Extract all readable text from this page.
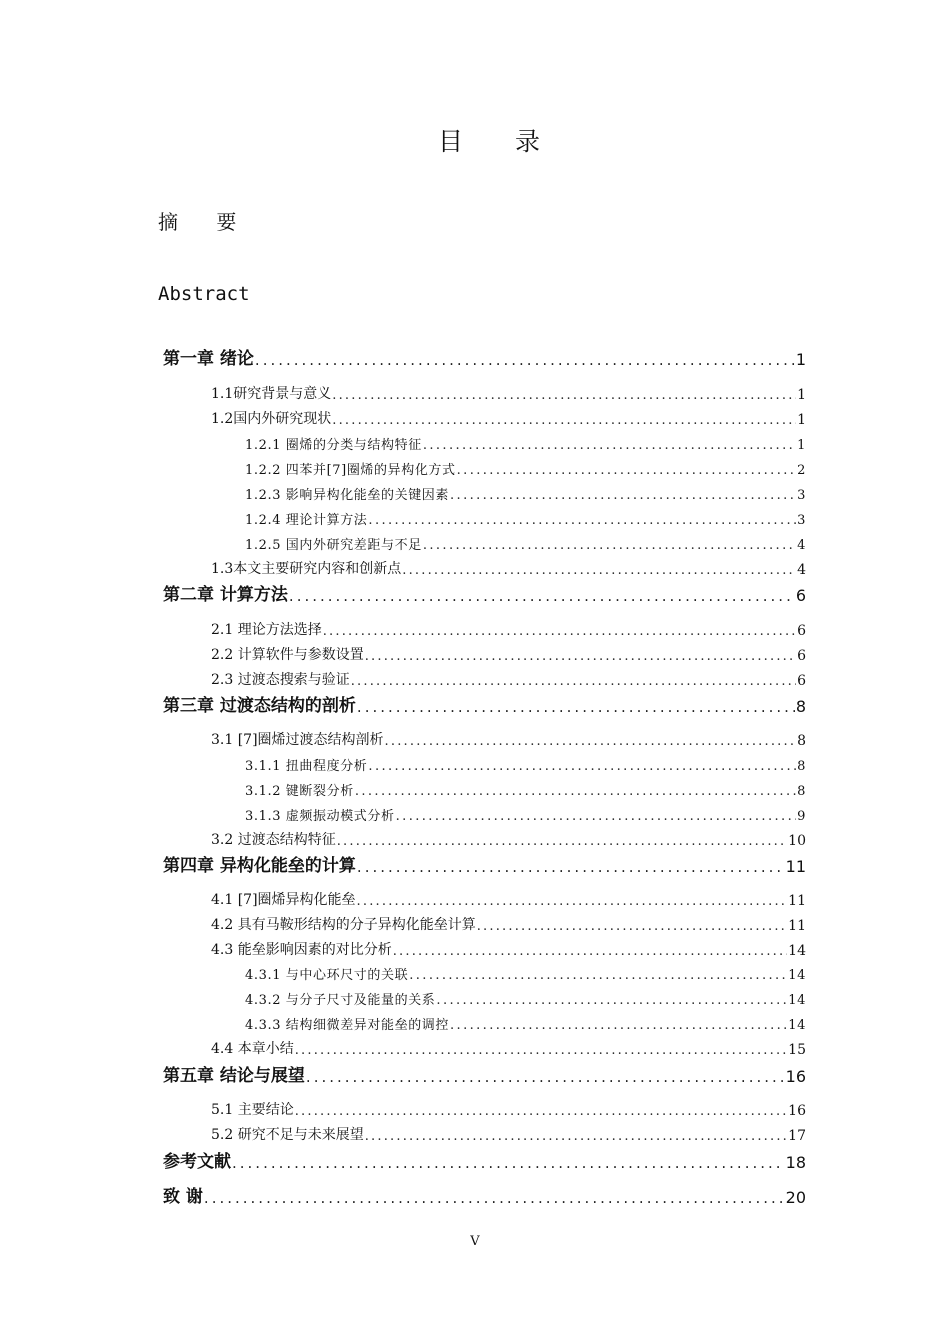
目 录
摘 要
Abstract
第一章 绪论 .....	1
1.1研究背景与意义 .....	1
1.2国内外研究现状 .....	1
1.2.1 圈烯的分类与结构特征 .....	1
1.2.2 四苯并[7]圈烯的异构化方式 .....	2
1.2.3 影响异构化能垒的关键因素 .....	3
1.2.4 理论计算方法 .....	3
1.2.5 国内外研究差距与不足 .....	4
1.3本文主要研究内容和创新点 .....	4
第二章 计算方法 .....	6
2.1 理论方法选择 .....	6
2.2 计算软件与参数设置 .....	6
2.3 过渡态搜索与验证 .....	6
第三章 过渡态结构的剖析 .....	8
3.1 [7]圈烯过渡态结构剖析 .....	8
3.1.1 扭曲程度分析 .....	8
3.1.2 键断裂分析 .....	8
3.1.3 虚频振动模式分析 .....	9
3.2 过渡态结构特征 .....	10
第四章 异构化能垒的计算 .....	11
4.1 [7]圈烯异构化能垒 .....	11
4.2 具有马鞍形结构的分子异构化能垒计算 .....	11
4.3 能垒影响因素的对比分析 .....	14
4.3.1 与中心环尺寸的关联 .....	14
4.3.2 与分子尺寸及能量的关系 .....	14
4.3.3 结构细微差异对能垒的调控 .....	14
4.4 本章小结 .....	15
第五章 结论与展望 .....	16
5.1 主要结论 .....	16
5.2 研究不足与未来展望 .....	17
参考文献 .....	18
致 谢 .....	20
V
